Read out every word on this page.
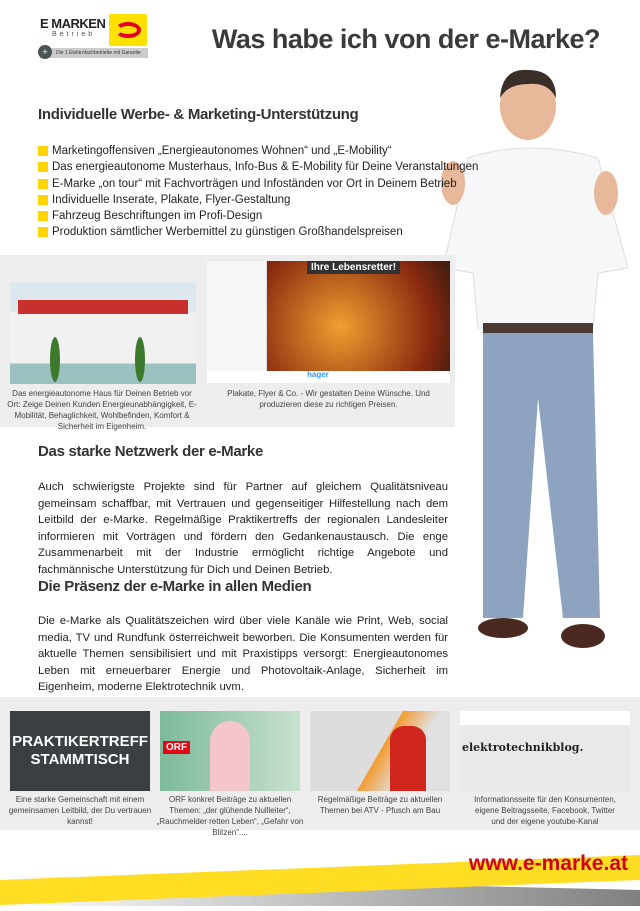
E MARKEN
Betrieb
Die 1 Elektrofachbetriebe mit Garantie
+	Was habe ich von der e-Marke?
Individuelle Werbe- & Marketing-Unterstützung
Marketingoffensiven „Energieautonomes Wohnen“ und „E-Mobility“
Das energieautonome Musterhaus, Info-Bus & E-Mobility für Deine Veranstaltungen
E-Marke „on tour“ mit Fachvorträgen und Infoständen vor Ort in Deinem Betrieb
Individuelle Inserate, Plakate, Flyer-Gestaltung
Fahrzeug Beschriftungen im Profi-Design
Produktion sämtlicher Werbemittel zu günstigen Großhandelspreisen
Das energieautonome Haus für Deinen Betrieb vor Ort: Zeige Deinen Kunden Energieunabhängigkeit, E-Mobilität, Behaglichkeit, Wohlbefinden, Komfort & Sicherheit im Eigenheim.
Ihre Lebensretter!
hager
Plakate, Flyer & Co. - Wir gestalten Deine Wünsche. Und produzieren diese zu richtigen Preisen.
Das starke Netzwerk der e-Marke

Auch schwierigste Projekte sind für Partner auf gleichem Qualitätsniveau gemeinsam schaffbar, mit Vertrauen und gegenseitiger Hilfestellung nach dem Leitbild der e-Marke. Regelmäßige Praktikertreffs der regionalen Landesleiter informieren mit Vorträgen und fördern den Gedankenaustausch. Die enge Zusammenarbeit mit der Industrie ermöglicht richtige Angebote und fachmännische Unterstützung für Dich und Deinen Betrieb.

Die Präsenz der e-Marke in allen Medien

Die e-Marke als Qualitätszeichen wird über viele Kanäle wie Print, Web, social media, TV und Rundfunk österreichweit beworben. Die Konsumenten werden für aktuelle Themen sensibilisiert und mit Praxistipps versorgt: Energieautonomes Leben mit erneuerbarer Energie und Photovoltaik-Anlage, Sicherheit im Eigenheim, moderne Elektrotechnik uvm.

PRAKTIKERTREFF STAMMTISCH
Eine starke Gemeinschaft mit einem gemeinsamen Leitbild, der Du vertrauen kannst!
ORF
ORF konkret Beiträge zu aktuellen Themen: „der glühende Nullleiter“, „Rauchmelder retten Leben“, „Gefahr von Blitzen“....
Regelmäßige Beiträge zu aktuellen Themen bei ATV - Pfusch am Bau
elektrotechnikblog.
Informationsseite für den Konsumenten, eigene Beitragsseite, Facebook, Twitter und der eigene youtube-Kanal
www.e-marke.at
